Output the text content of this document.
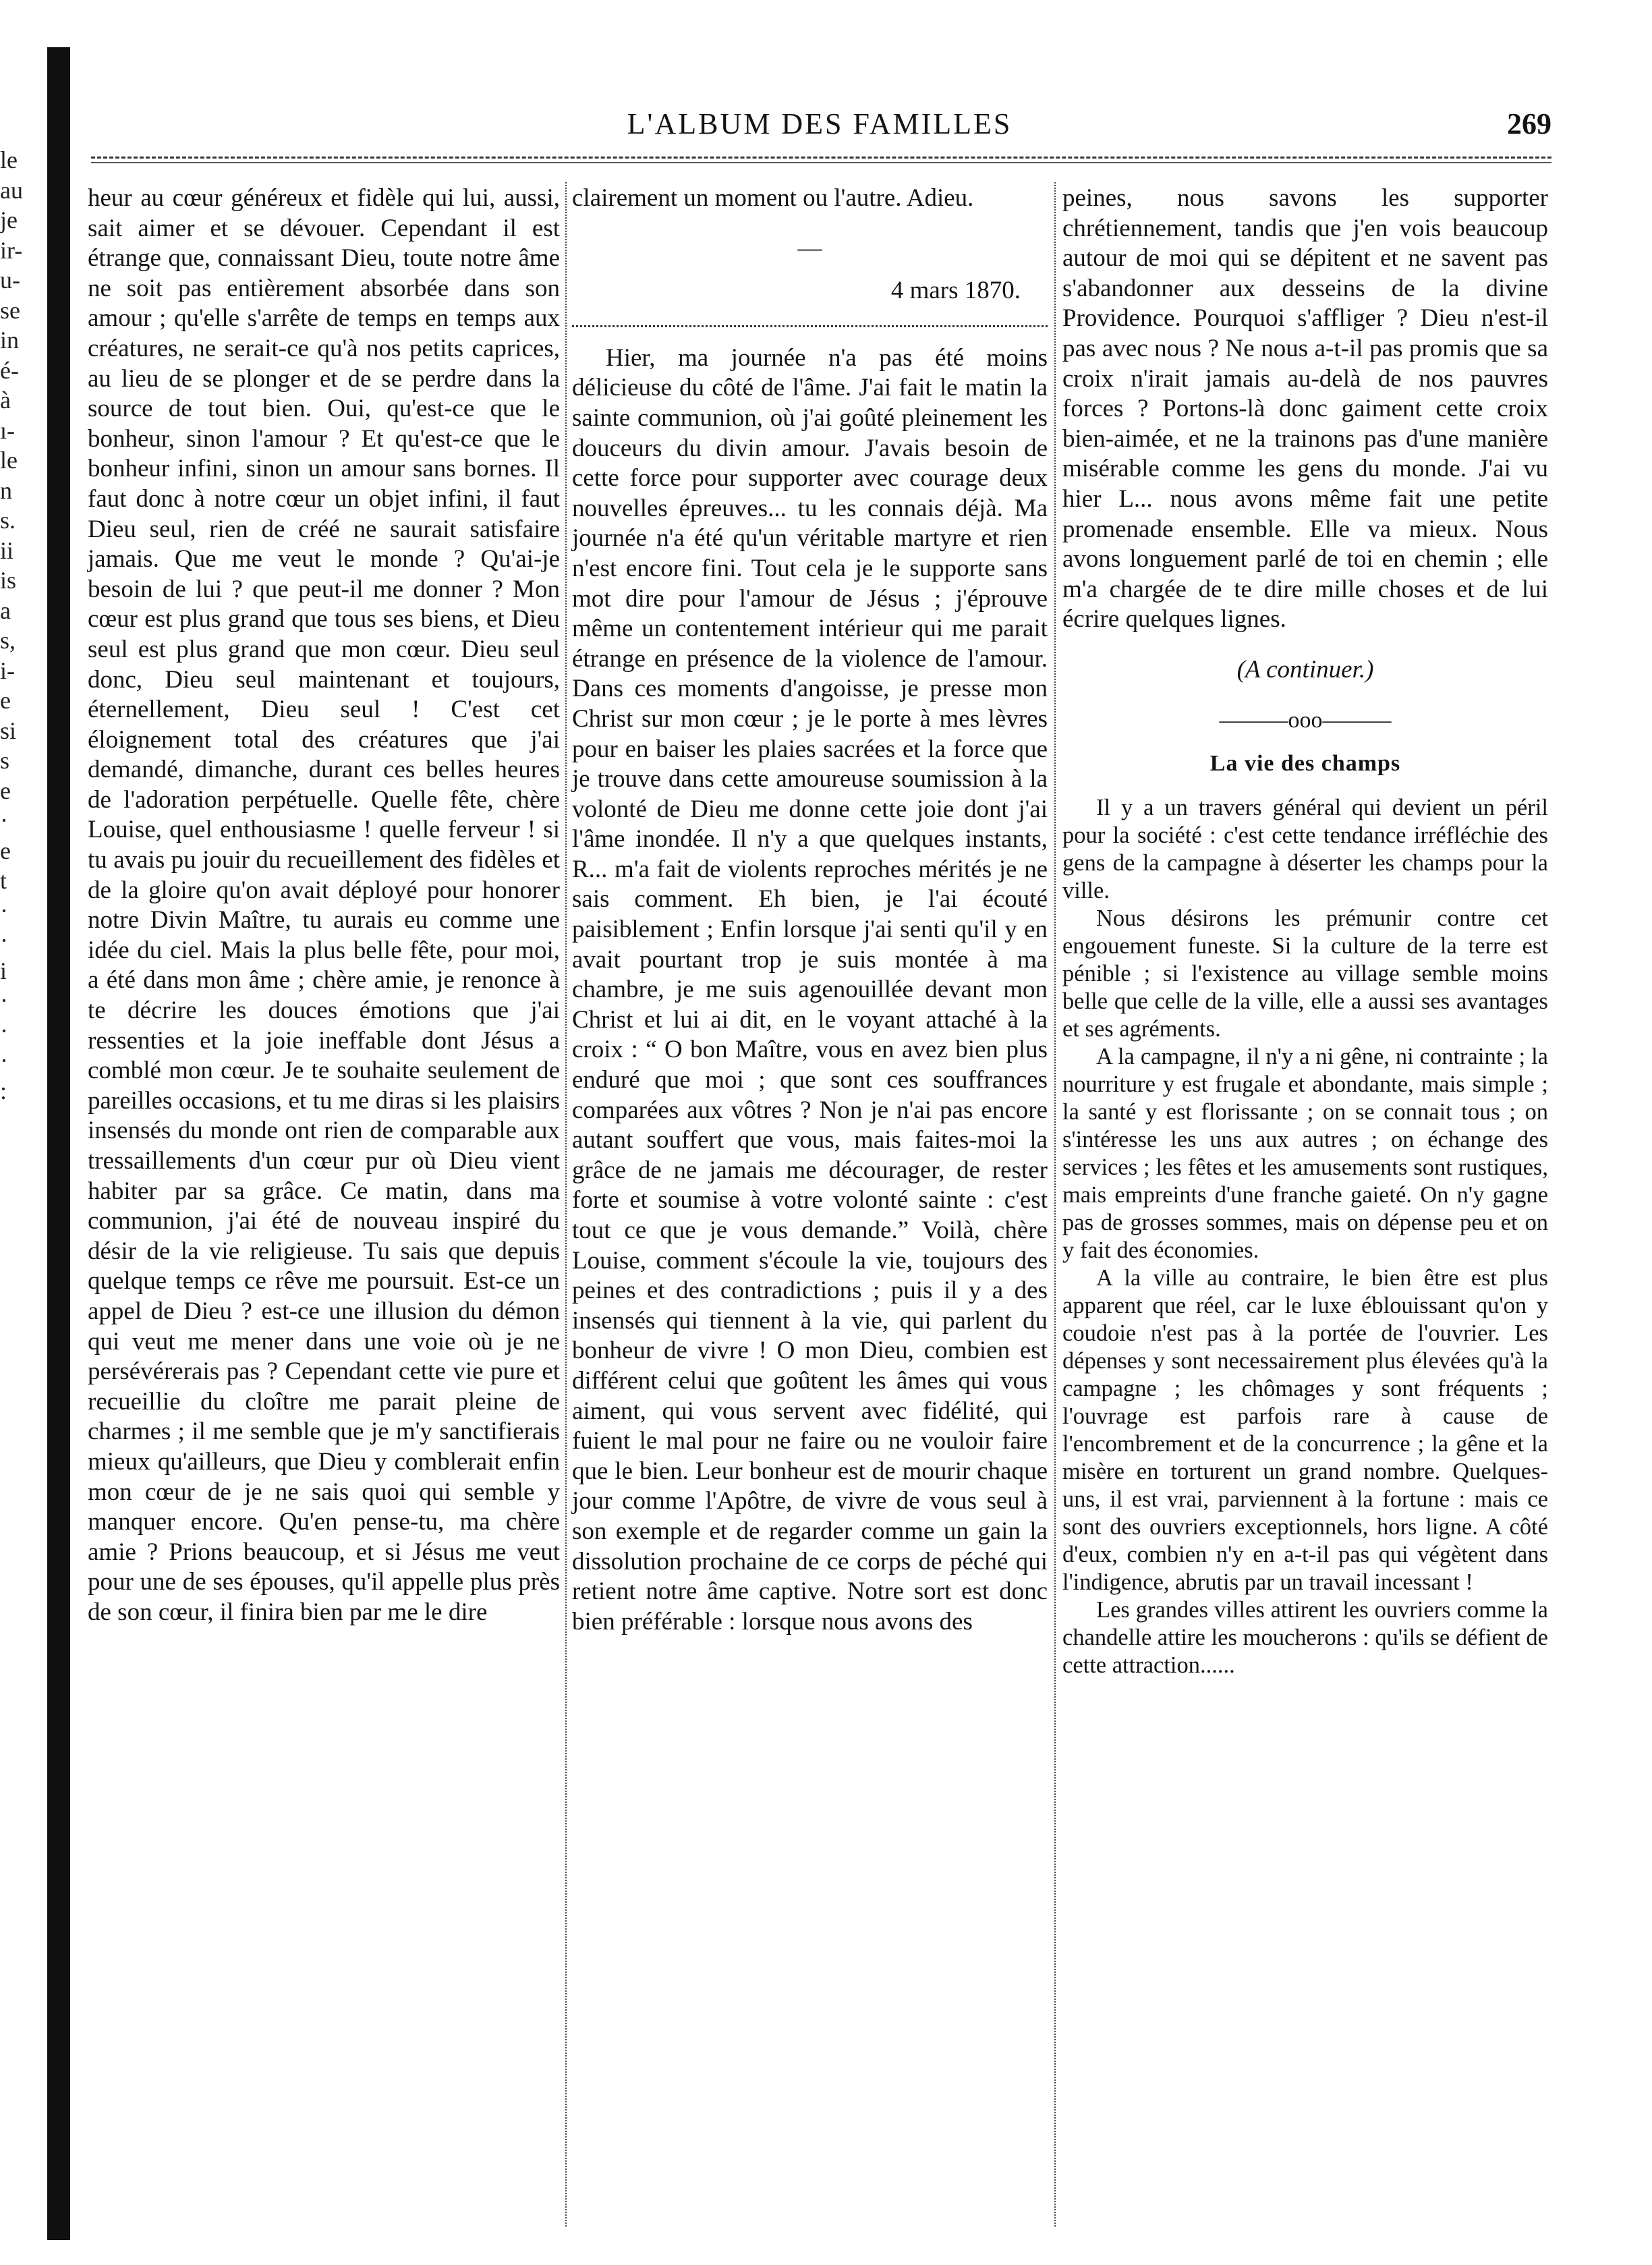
le
au
je
ir-
u-
se
in
é-
à
ı-
le
n
s.
ii
is
a
s,
i-
e
si
s
e
·
e
t
·
·
i
·
·
·
:
L'ALBUM DES FAMILLES	269

heur au cœur généreux et fidèle qui lui, aussi, sait aimer et se dévouer. Cependant il est étrange que, connaissant Dieu, toute notre âme ne soit pas entièrement absorbée dans son amour ; qu'elle s'arrête de temps en temps aux créatures, ne serait-ce qu'à nos petits caprices, au lieu de se plonger et de se perdre dans la source de tout bien. Oui, qu'est-ce que le bonheur, sinon l'amour ? Et qu'est-ce que le bonheur infini, sinon un amour sans bornes. Il faut donc à notre cœur un objet infini, il faut Dieu seul, rien de créé ne saurait satisfaire jamais. Que me veut le monde ? Qu'ai-je besoin de lui ? que peut-il me donner ? Mon cœur est plus grand que tous ses biens, et Dieu seul est plus grand que mon cœur. Dieu seul donc, Dieu seul maintenant et toujours, éternellement, Dieu seul ! C'est cet éloignement total des créatures que j'ai demandé, dimanche, durant ces belles heures de l'adoration perpétuelle. Quelle fête, chère Louise, quel enthousiasme ! quelle ferveur ! si tu avais pu jouir du recueillement des fidèles et de la gloire qu'on avait déployé pour honorer notre Divin Maître, tu aurais eu comme une idée du ciel. Mais la plus belle fête, pour moi, a été dans mon âme ; chère amie, je renonce à te décrire les douces émotions que j'ai ressenties et la joie ineffable dont Jésus a comblé mon cœur. Je te souhaite seulement de pareilles occasions, et tu me diras si les plaisirs insensés du monde ont rien de comparable aux tressaillements d'un cœur pur où Dieu vient habiter par sa grâce. Ce matin, dans ma communion, j'ai été de nouveau inspiré du désir de la vie religieuse. Tu sais que depuis quelque temps ce rêve me poursuit. Est-ce un appel de Dieu ? est-ce une illusion du démon qui veut me mener dans une voie où je ne persévérerais pas ? Cependant cette vie pure et recueillie du cloître me parait pleine de charmes ; il me semble que je m'y sanctifierais mieux qu'ailleurs, que Dieu y comblerait enfin mon cœur de je ne sais quoi qui semble y manquer encore. Qu'en pense-tu, ma chère amie ? Prions beaucoup, et si Jésus me veut pour une de ses épouses, qu'il appelle plus près de son cœur, il finira bien par me le dire

clairement un moment ou l'autre. Adieu.

—
4 mars 1870.

Hier, ma journée n'a pas été moins délicieuse du côté de l'âme. J'ai fait le matin la sainte communion, où j'ai goûté pleinement les douceurs du divin amour. J'avais besoin de cette force pour supporter avec courage deux nouvelles épreuves... tu les connais déjà. Ma journée n'a été qu'un véritable martyre et rien n'est encore fini. Tout cela je le supporte sans mot dire pour l'amour de Jésus ; j'éprouve même un contentement intérieur qui me parait étrange en présence de la violence de l'amour. Dans ces moments d'angoisse, je presse mon Christ sur mon cœur ; je le porte à mes lèvres pour en baiser les plaies sacrées et la force que je trouve dans cette amoureuse soumission à la volonté de Dieu me donne cette joie dont j'ai l'âme inondée. Il n'y a que quelques instants, R... m'a fait de violents reproches mérités je ne sais comment. Eh bien, je l'ai écouté paisiblement ; Enfin lorsque j'ai senti qu'il y en avait pourtant trop je suis montée à ma chambre, je me suis agenouillée devant mon Christ et lui ai dit, en le voyant attaché à la croix : “ O bon Maître, vous en avez bien plus enduré que moi ; que sont ces souffrances comparées aux vôtres ? Non je n'ai pas encore autant souffert que vous, mais faites-moi la grâce de ne jamais me décourager, de rester forte et soumise à votre volonté sainte : c'est tout ce que je vous demande.” Voilà, chère Louise, comment s'écoule la vie, toujours des peines et des contradictions ; puis il y a des insensés qui tiennent à la vie, qui parlent du bonheur de vivre ! O mon Dieu, combien est différent celui que goûtent les âmes qui vous aiment, qui vous servent avec fidélité, qui fuient le mal pour ne faire ou ne vouloir faire que le bien. Leur bonheur est de mourir chaque jour comme l'Apôtre, de vivre de vous seul à son exemple et de regarder comme un gain la dissolution prochaine de ce corps de péché qui retient notre âme captive. Notre sort est donc bien préférable : lorsque nous avons des

peines, nous savons les supporter chrétiennement, tandis que j'en vois beaucoup autour de moi qui se dépitent et ne savent pas s'abandonner aux desseins de la divine Providence. Pourquoi s'affliger ? Dieu n'est-il pas avec nous ? Ne nous a-t-il pas promis que sa croix n'irait jamais au-delà de nos pauvres forces ? Portons-là donc gaiment cette croix bien-aimée, et ne la trainons pas d'une manière misérable comme les gens du monde. J'ai vu hier L... nous avons même fait une petite promenade ensemble. Elle va mieux. Nous avons longuement parlé de toi en chemin ; elle m'a chargée de te dire mille choses et de lui écrire quelques lignes.

(A continuer.)
———ooo———
La vie des champs

Il y a un travers général qui devient un péril pour la société : c'est cette tendance irréfléchie des gens de la campagne à déserter les champs pour la ville.

Nous désirons les prémunir contre cet engouement funeste. Si la culture de la terre est pénible ; si l'existence au village semble moins belle que celle de la ville, elle a aussi ses avantages et ses agréments.

A la campagne, il n'y a ni gêne, ni contrainte ; la nourriture y est frugale et abondante, mais simple ; la santé y est florissante ; on se connait tous ; on s'intéresse les uns aux autres ; on échange des services ; les fêtes et les amusements sont rustiques, mais empreints d'une franche gaieté. On n'y gagne pas de grosses sommes, mais on dépense peu et on y fait des économies.

A la ville au contraire, le bien être est plus apparent que réel, car le luxe éblouissant qu'on y coudoie n'est pas à la portée de l'ouvrier. Les dépenses y sont necessairement plus élevées qu'à la campagne ; les chômages y sont fréquents ; l'ouvrage est parfois rare à cause de l'encombrement et de la concurrence ; la gêne et la misère en torturent un grand nombre. Quelques-uns, il est vrai, parviennent à la fortune : mais ce sont des ouvriers exceptionnels, hors ligne. A côté d'eux, combien n'y en a-t-il pas qui végètent dans l'indigence, abrutis par un travail incessant !

Les grandes villes attirent les ouvriers comme la chandelle attire les moucherons : qu'ils se défient de cette attraction......
